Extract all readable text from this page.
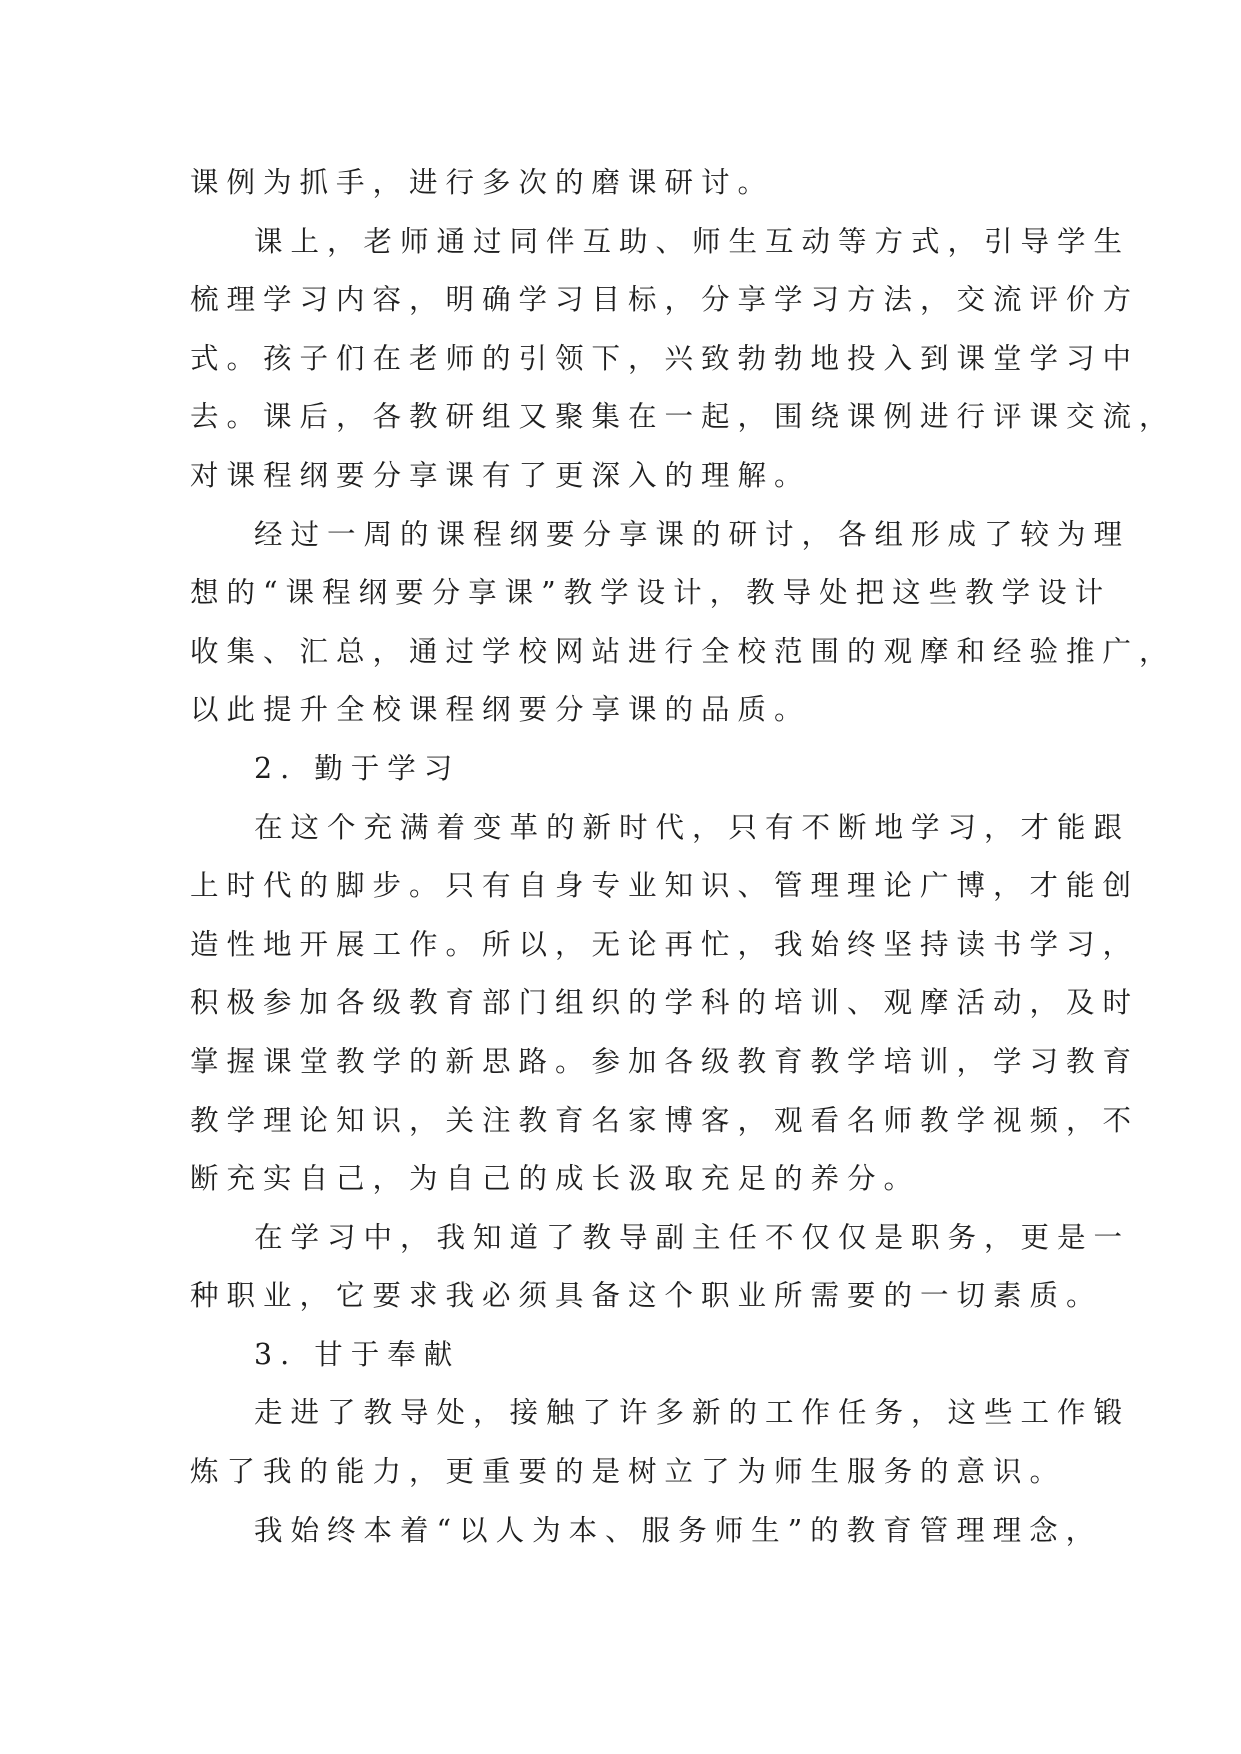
课例为抓手，进行多次的磨课研讨。
课上，老师通过同伴互助、师生互动等方式，引导学生
梳理学习内容，明确学习目标，分享学习方法，交流评价方
式。孩子们在老师的引领下，兴致勃勃地投入到课堂学习中
去。课后，各教研组又聚集在一起，围绕课例进行评课交流，
对课程纲要分享课有了更深入的理解。
经过一周的课程纲要分享课的研讨，各组形成了较为理
想的“课程纲要分享课”教学设计，教导处把这些教学设计
收集、汇总，通过学校网站进行全校范围的观摩和经验推广，
以此提升全校课程纲要分享课的品质。
2. 勤于学习
在这个充满着变革的新时代，只有不断地学习，才能跟
上时代的脚步。只有自身专业知识、管理理论广博，才能创
造性地开展工作。所以，无论再忙，我始终坚持读书学习，
积极参加各级教育部门组织的学科的培训、观摩活动，及时
掌握课堂教学的新思路。参加各级教育教学培训，学习教育
教学理论知识，关注教育名家博客，观看名师教学视频，不
断充实自己，为自己的成长汲取充足的养分。
在学习中，我知道了教导副主任不仅仅是职务，更是一
种职业，它要求我必须具备这个职业所需要的一切素质。
3. 甘于奉献
走进了教导处，接触了许多新的工作任务，这些工作锻
炼了我的能力，更重要的是树立了为师生服务的意识。
我始终本着“以人为本、服务师生”的教育管理理念，
